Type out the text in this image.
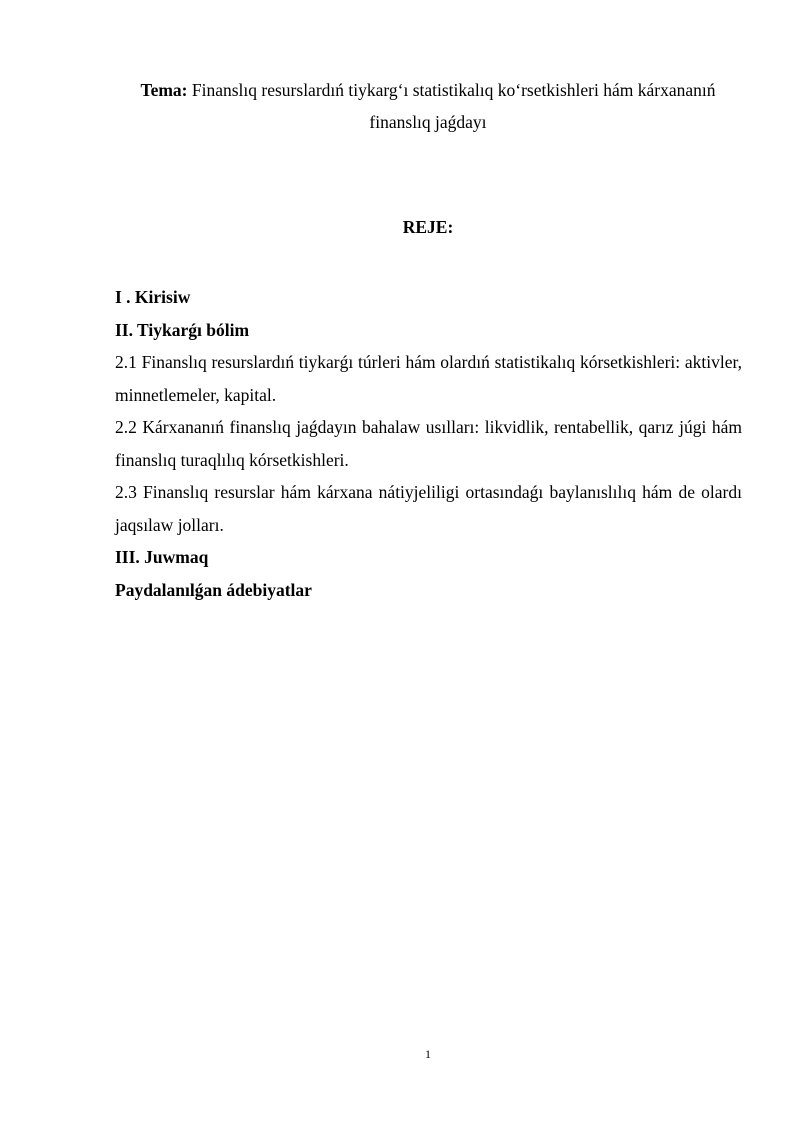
Tema: Finanslıq resurslardıń tiykarg‘ı statistikalıq ko‘rsetkishleri hám kárxananıń finanslıq jaǵdayı
REJE:
I . Kirisiw
II. Tiykarǵı bólim
2.1 Finanslıq resurslardıń tiykarǵı túrleri hám olardıń statistikalıq kórsetkishleri: aktivler, minnetlemeler, kapital.
2.2 Kárxananıń finanslıq jaǵdayın bahalaw usılları: likvidlik, rentabellik, qarız júgi hám finanslıq turaqlılıq kórsetkishleri.
2.3 Finanslıq resurslar hám kárxana nátiyjeliligi ortasındaǵı baylanıslılıq hám de olardı jaqsılaw jolları.
III. Juwmaq
Paydalanılǵan ádebiyatlar
1
